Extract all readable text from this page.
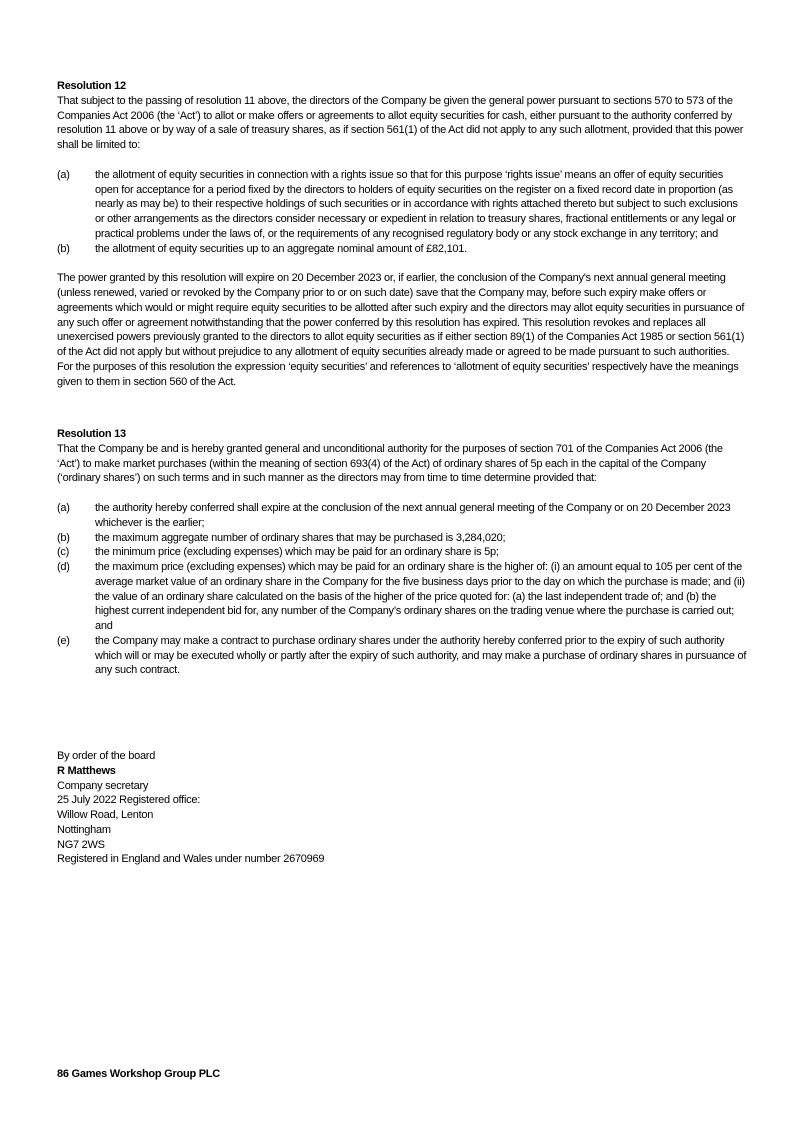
Resolution 12

That subject to the passing of resolution 11 above, the directors of the Company be given the general power pursuant to sections 570 to 573 of the Companies Act 2006 (the ‘Act’) to allot or make offers or agreements to allot equity securities for cash, either pursuant to the authority conferred by resolution 11 above or by way of a sale of treasury shares, as if section 561(1) of the Act did not apply to any such allotment, provided that this power shall be limited to:

(a)	the allotment of equity securities in connection with a rights issue so that for this purpose ‘rights issue’ means an offer of equity securities open for acceptance for a period fixed by the directors to holders of equity securities on the register on a fixed record date in proportion (as nearly as may be) to their respective holdings of such securities or in accordance with rights attached thereto but subject to such exclusions or other arrangements as the directors consider necessary or expedient in relation to treasury shares, fractional entitlements or any legal or practical problems under the laws of, or the requirements of any recognised regulatory body or any stock exchange in any territory; and
(b)	the allotment of equity securities up to an aggregate nominal amount of £82,101.

The power granted by this resolution will expire on 20 December 2023 or, if earlier, the conclusion of the Company's next annual general meeting (unless renewed, varied or revoked by the Company prior to or on such date) save that the Company may, before such expiry make offers or agreements which would or might require equity securities to be allotted after such expiry and the directors may allot equity securities in pursuance of any such offer or agreement notwithstanding that the power conferred by this resolution has expired. This resolution revokes and replaces all unexercised powers previously granted to the directors to allot equity securities as if either section 89(1) of the Companies Act 1985 or section 561(1) of the Act did not apply but without prejudice to any allotment of equity securities already made or agreed to be made pursuant to such authorities. For the purposes of this resolution the expression ‘equity securities’ and references to ‘allotment of equity securities’ respectively have the meanings given to them in section 560 of the Act.

Resolution 13

That the Company be and is hereby granted general and unconditional authority for the purposes of section 701 of the Companies Act 2006 (the ‘Act’) to make market purchases (within the meaning of section 693(4) of the Act) of ordinary shares of 5p each in the capital of the Company (‘ordinary shares’) on such terms and in such manner as the directors may from time to time determine provided that:

(a)	the authority hereby conferred shall expire at the conclusion of the next annual general meeting of the Company or on 20 December 2023 whichever is the earlier;
(b)	the maximum aggregate number of ordinary shares that may be purchased is 3,284,020;
(c)	the minimum price (excluding expenses) which may be paid for an ordinary share is 5p;
(d)	the maximum price (excluding expenses) which may be paid for an ordinary share is the higher of: (i) an amount equal to 105 per cent of the average market value of an ordinary share in the Company for the five business days prior to the day on which the purchase is made; and (ii) the value of an ordinary share calculated on the basis of the higher of the price quoted for: (a) the last independent trade of; and (b) the highest current independent bid for, any number of the Company’s ordinary shares on the trading venue where the purchase is carried out; and
(e)	the Company may make a contract to purchase ordinary shares under the authority hereby conferred prior to the expiry of such authority which will or may be executed wholly or partly after the expiry of such authority, and may make a purchase of ordinary shares in pursuance of any such contract.
By order of the board
R Matthews
Company secretary
25 July 2022 Registered office:
Willow Road, Lenton
Nottingham
NG7 2WS
Registered in England and Wales under number 2670969
86 Games Workshop Group PLC
